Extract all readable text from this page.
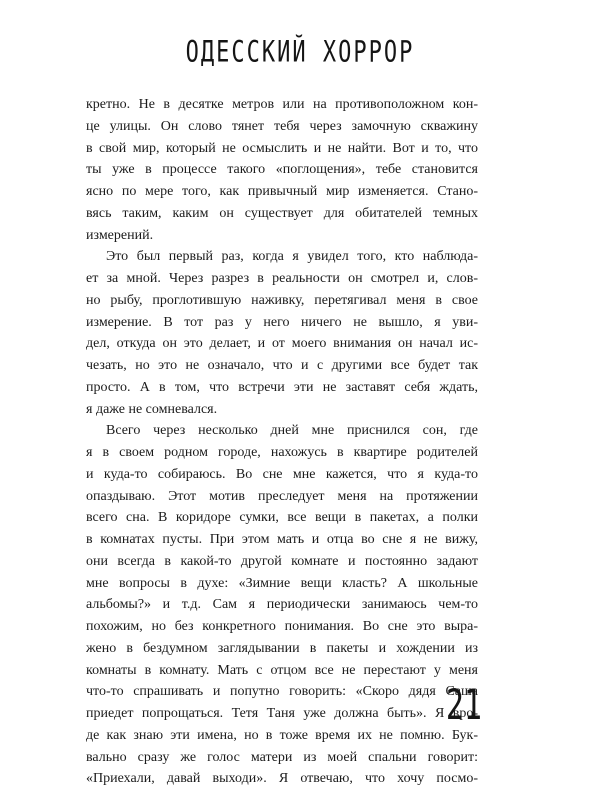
ОДЕССКИЙ ХОРРОР
кретно. Не в десятке метров или на противоположном кон-
це улицы. Он слово тянет тебя через замочную скважину
в свой мир, который не осмыслить и не найти. Вот и то, что
ты уже в процессе такого «поглощения», тебе становится
ясно по мере того, как привычный мир изменяется. Стано-
вясь таким, каким он существует для обитателей темных
измерений.
Это был первый раз, когда я увидел того, кто наблюда-
ет за мной. Через разрез в реальности он смотрел и, слов-
но рыбу, проглотившую наживку, перетягивал меня в свое
измерение. В тот раз у него ничего не вышло, я уви-
дел, откуда он это делает, и от моего внимания он начал ис-
чезать, но это не означало, что и с другими все будет так
просто. А в том, что встречи эти не заставят себя ждать,
я даже не сомневался.
Всего через несколько дней мне приснился сон, где
я в своем родном городе, нахожусь в квартире родителей
и куда-то собираюсь. Во сне мне кажется, что я куда-то
опаздываю. Этот мотив преследует меня на протяжении
всего сна. В коридоре сумки, все вещи в пакетах, а полки
в комнатах пусты. При этом мать и отца во сне я не вижу,
они всегда в какой-то другой комнате и постоянно задают
мне вопросы в духе: «Зимние вещи класть? А школьные
альбомы?» и т.д. Сам я периодически занимаюсь чем-то
похожим, но без конкретного понимания. Во сне это выра-
жено в бездумном заглядывании в пакеты и хождении из
комнаты в комнату. Мать с отцом все не перестают у меня
что-то спрашивать и попутно говорить: «Скоро дядя Саша
приедет попрощаться. Тетя Таня уже должна быть». Я вро-
де как знаю эти имена, но в тоже время их не помню. Бук-
вально сразу же голос матери из моей спальни говорит:
«Приехали, давай выходи». Я отвечаю, что хочу посмо-
21
